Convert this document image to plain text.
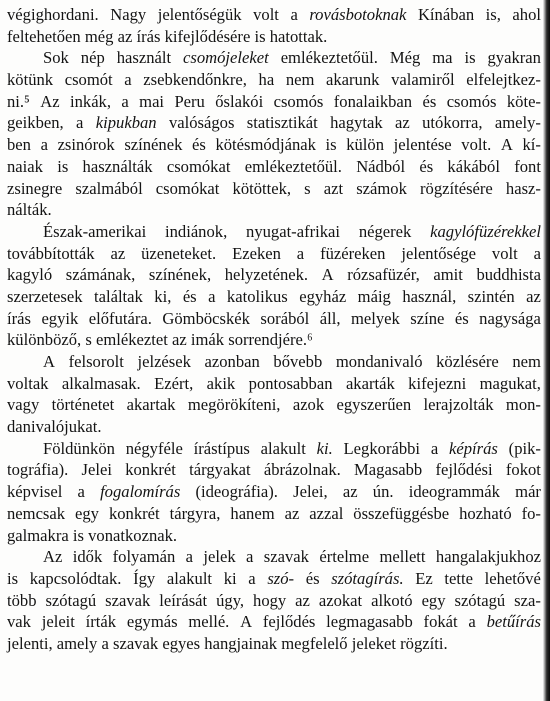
végighordani. Nagy jelentőségük volt a rovásbotoknak Kínában is, ahol
feltehetően
még
az
írás
kifejlődésére
is
hatottak.
Sok nép használt csomójeleket emlékeztetőül. Még ma is gyakran
kötünk csomót a zsebkendőnkre, ha nem akarunk valamiről elfelejtkez-
ni.⁵ Az inkák, a mai Peru őslakói csomós fonalaikban és csomós köte-
geikben, a kipukban valóságos statisztikát hagytak az utókorra, amely-
ben a zsinórok színének és kötésmódjának is külön jelentése volt. A kí-
naiak is használták csomókat emlékeztetőül. Nádból és kákából font
zsinegre szalmából csomókat kötöttek, s azt számok rögzítésére hasz-
nálták.
Észak-amerikai indiánok, nyugat-afrikai négerek kagylófüzérekkel
továbbították az üzeneteket. Ezeken a füzéreken jelentősége volt a
kagyló számának, színének, helyzetének. A rózsafüzér, amit buddhista
szerzetesek találtak ki, és a katolikus egyház máig használ, szintén az
írás egyik előfutára. Gömböcskék sorából áll, melyek színe és nagysága
különböző,
s
emlékeztet
az
imák
sorrendjére.⁶
A felsorolt jelzések azonban bővebb mondanivaló közlésére nem
voltak alkalmasak. Ezért, akik pontosabban akarták kifejezni magukat,
vagy történetet akartak megörökíteni, azok egyszerűen lerajzolták mon-
danivalójukat.
Földünkön négyféle írástípus alakult ki. Legkorábbi a képírás (pik-
tográfia). Jelei konkrét tárgyakat ábrázolnak. Magasabb fejlődési fokot
képvisel a fogalomírás (ideográfia). Jelei, az ún. ideogrammák már
nemcsak egy konkrét tárgyra, hanem az azzal összefüggésbe hozható fo-
galmakra
is
vonatkoznak.
Az idők folyamán a jelek a szavak értelme mellett hangalakjukhoz
is kapcsolódtak. Így alakult ki a szó- és szótagírás. Ez tette lehetővé
több szótagú szavak leírását úgy, hogy az azokat alkotó egy szótagú sza-
vak jeleit írták egymás mellé. A fejlődés legmagasabb fokát a betűírás
jelenti,
amely
a
szavak
egyes
hangjainak
megfelelő
jeleket
rögzíti.
